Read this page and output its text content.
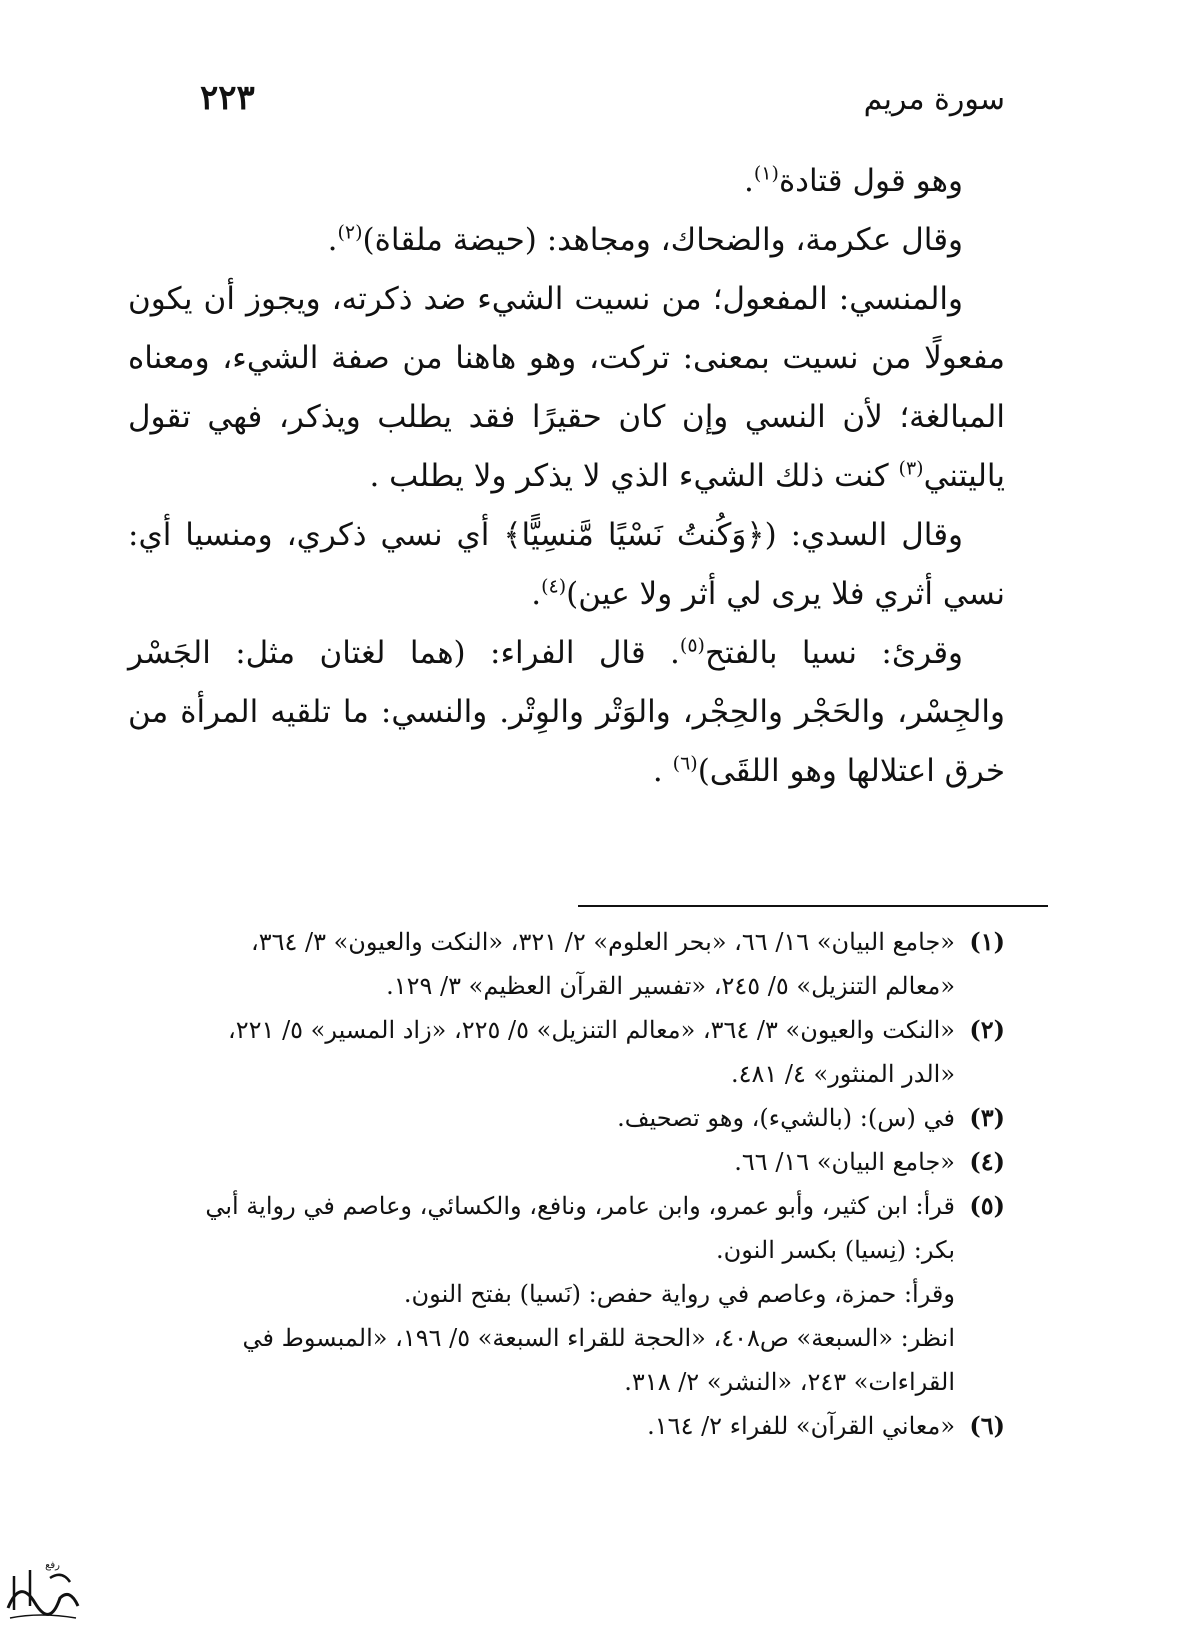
سورة مريم
٢٢٣

وهو قول قتادة$^{(١)}$.

وقال عكرمة، والضحاك، ومجاهد: (حيضة ملقاة)$^{(٢)}$.

والمنسي: المفعول؛ من نسيت الشيء ضد ذكرته، ويجوز أن يكون مفعولًا من نسيت بمعنى: تركت، وهو هاهنا من صفة الشيء، ومعناه المبالغة؛ لأن النسي وإن كان حقيرًا فقد يطلب ويذكر، فهي تقول ياليتني$^{(٣)}$ كنت ذلك الشيء الذي لا يذكر ولا يطلب .

وقال السدي: (﴿وَكُنتُ نَسْيًا مَّنسِيًّا﴾ أي نسي ذكري، ومنسيا أي: نسي أثري فلا يرى لي أثر ولا عين)$^{(٤)}$.

وقرئ: نسيا بالفتح$^{(٥)}$. قال الفراء: (هما لغتان مثل: الجَسْر والجِسْر، والحَجْر والحِجْر، والوَتْر والوِتْر. والنسي: ما تلقيه المرأة من خرق اعتلالها وهو اللقَى)$^{(٦)}$ .

(١)
«جامع البيان» ١٦/ ٦٦، «بحر العلوم» ٢/ ٣٢١، «النكت والعيون» ٣/ ٣٦٤،
«معالم التنزيل» ٥/ ٢٤٥، «تفسير القرآن العظيم» ٣/ ١٢٩.
(٢)
«النكت والعيون» ٣/ ٣٦٤، «معالم التنزيل» ٥/ ٢٢٥، «زاد المسير» ٥/ ٢٢١،
«الدر المنثور» ٤/ ٤٨١.
(٣)
في (س): (بالشيء)، وهو تصحيف.
(٤)
«جامع البيان» ١٦/ ٦٦.
(٥)
قرأ: ابن كثير، وأبو عمرو، وابن عامر، ونافع، والكسائي، وعاصم في رواية أبي
بكر: (نِسيا) بكسر النون.
وقرأ: حمزة، وعاصم في رواية حفص: (نَسيا) بفتح النون.
انظر: «السبعة» ص٤٠٨، «الحجة للقراء السبعة» ٥/ ١٩٦، «المبسوط في
القراءات» ٢٤٣، «النشر» ٢/ ٣١٨.
(٦)
«معاني القرآن» للفراء ٢/ ١٦٤.
رفع
